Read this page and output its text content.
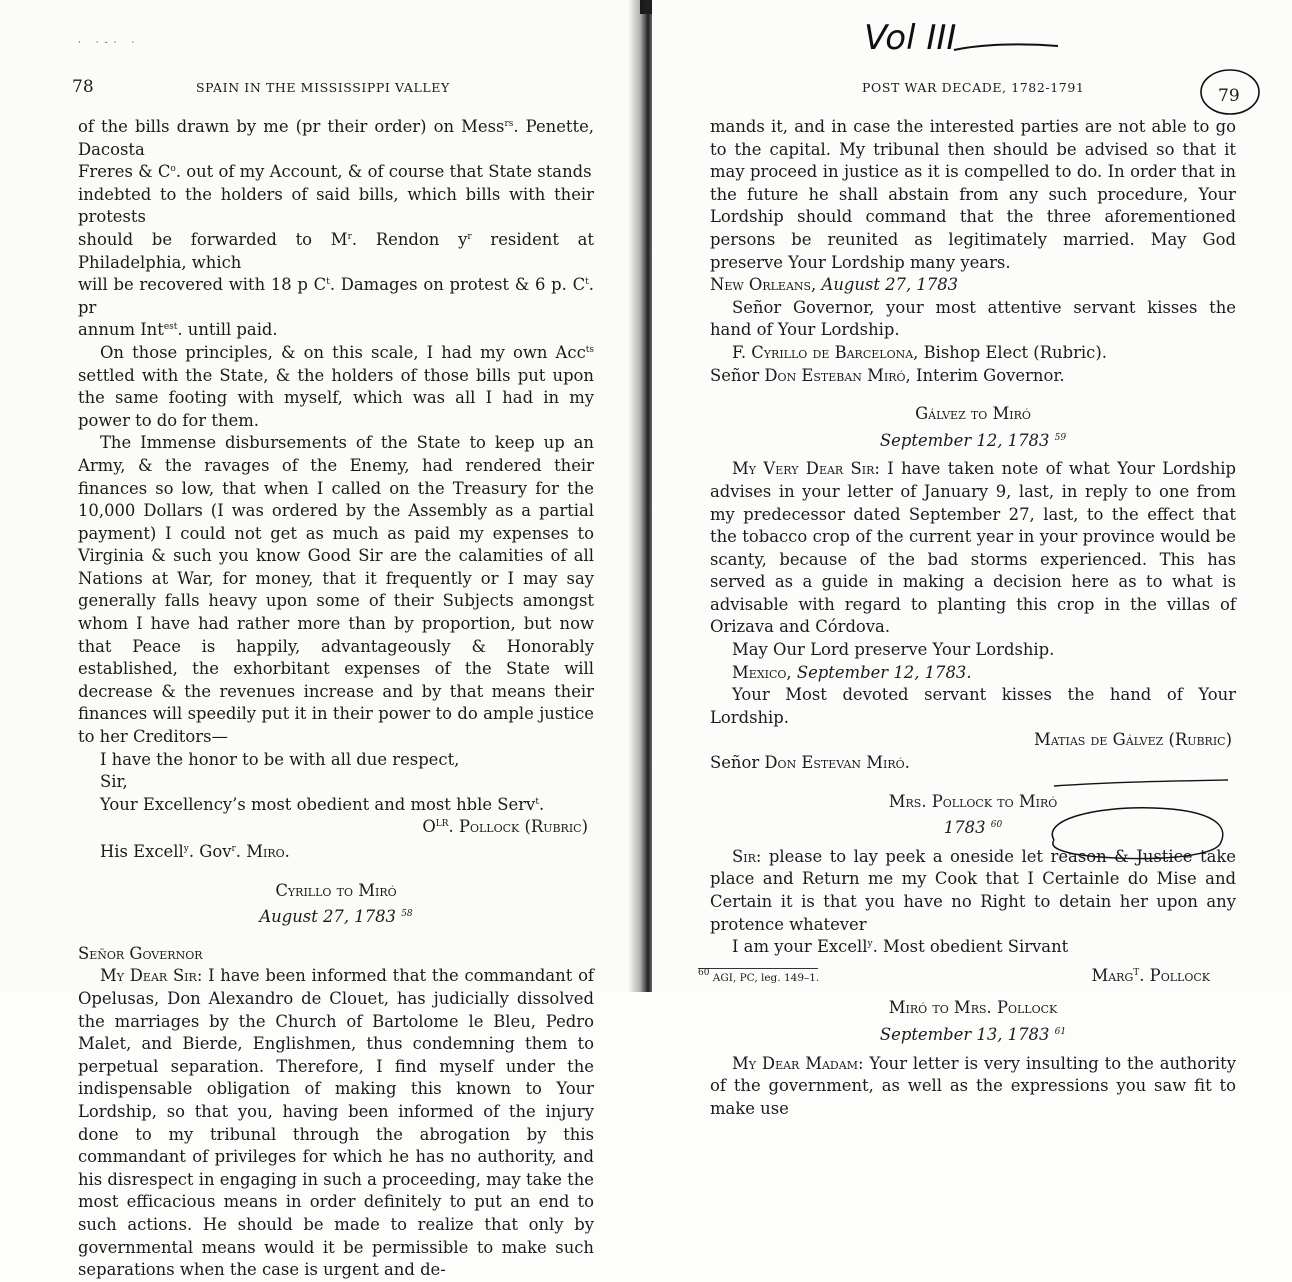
· ·-· ·
78	SPAIN IN THE MISSISSIPPI VALLEY

of the bills drawn by me (pr their order) on Mess$^{rs}$. Penette, Dacosta

Freres & $C^o$. out of my Account, & of course that State stands

indebted to the holders of said bills, which bills with their protests

should be forwarded to $M^r$. Rendon $y^r$ resident at Philadelphia, which

will be recovered with 18 p $C^t$. Damages on protest & 6 p. $C^t$. pr

annum Int$^{est}$. untill paid.

On those principles, & on this scale, I had my own Acc$^{ts}$ settled with the State, & the holders of those bills put upon the same footing with myself, which was all I had in my power to do for them.

The Immense disbursements of the State to keep up an Army, & the ravages of the Enemy, had rendered their finances so low, that when I called on the Treasury for the 10,000 Dollars (I was ordered by the Assembly as a partial payment) I could not get as much as paid my expenses to Virginia & such you know Good Sir are the calamities of all Nations at War, for money, that it frequently or I may say generally falls heavy upon some of their Subjects amongst whom I have had rather more than by proportion, but now that Peace is happily, advantageously & Honorably established, the exhorbitant expenses of the State will decrease & the revenues increase and by that means their finances will speedily put it in their power to do ample justice to her Creditors—

I have the honor to be with all due respect,

Sir,

Your Excellency’s most obedient and most hble Serv$^t$.

$O^{LR}$. Pollock (Rubric)

His Excell$^y$. Gov$^r$. Miro.

Cyrillo to Miró

August 27, 1783 $^{58}$

Señor Governor

My Dear Sir: I have been informed that the commandant of Opelusas, Don Alexandro de Clouet, has judicially dissolved the marriages by the Church of Bartolome le Bleu, Pedro Malet, and Bierde, Englishmen, thus condemning them to perpetual separation. Therefore, I find myself under the indispensable obligation of making this known to Your Lordship, so that you, having been informed of the injury done to my tribunal through the abrogation by this commandant of privileges for which he has no authority, and his disrespect in engaging in such a proceeding, may take the most efficacious means in order definitely to put an end to such actions. He should be made to realize that only by governmental means would it be permissible to make such separations when the case is urgent and de-

Vol III
POST WAR DECADE, 1782-1791	79

mands it, and in case the interested parties are not able to go to the capital. My tribunal then should be advised so that it may proceed in justice as it is compelled to do. In order that in the future he shall abstain from any such procedure, Your Lordship should command that the three aforementioned persons be reunited as legitimately married. May God preserve Your Lordship many years.

New Orleans, August 27, 1783

Señor Governor, your most attentive servant kisses the hand of Your Lordship.

F. Cyrillo de Barcelona, Bishop Elect (Rubric).

Señor Don Esteban Miró, Interim Governor.

Gálvez to Miró

September 12, 1783 $^{59}$

My Very Dear Sir: I have taken note of what Your Lordship advises in your letter of January 9, last, in reply to one from my predecessor dated September 27, last, to the effect that the tobacco crop of the current year in your province would be scanty, because of the bad storms experienced. This has served as a guide in making a decision here as to what is advisable with regard to planting this crop in the villas of Orizava and Córdova.

May Our Lord preserve Your Lordship.

Mexico, September 12, 1783.

Your Most devoted servant kisses the hand of Your Lordship.

Matias de Gálvez (Rubric)

Señor Don Estevan Miró.

Mrs. Pollock to Miró

1783 $^{60}$

Sir: please to lay peek a oneside let reason & Justice take place and Return me my Cook that I Certainle do Mise and Certain it is that you have no Right to detain her upon any protence whatever

I am your Excell$^y$. Most obedient Sirvant

Marg$^T$. Pollock

Miró to Mrs. Pollock

September 13, 1783 $^{61}$

My Dear Madam: Your letter is very insulting to the authority of the government, as well as the expressions you saw fit to make use

$^{60}$ AGI, PC, leg. 149–1.
